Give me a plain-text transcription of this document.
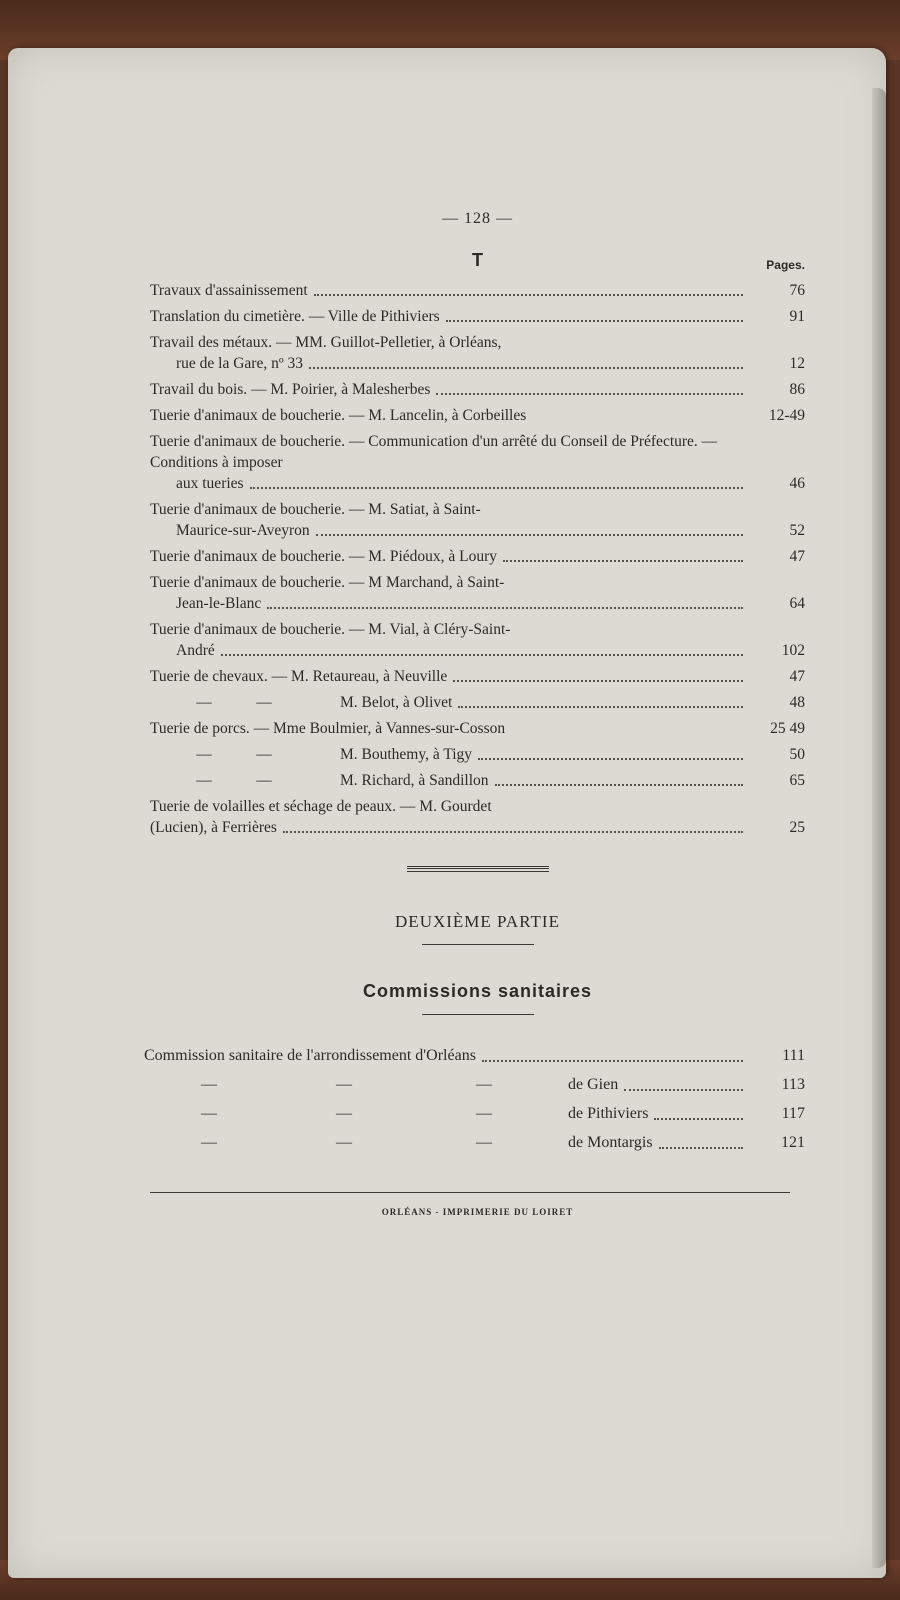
— 128 —
T	Pages.
Travaux d'assainissement	76
Translation du cimetière. — Ville de Pithiviers	91
Travail des métaux. — MM. Guillot-Pelletier, à Orléans,
rue de la Gare, nº 33	12
Travail du bois. — M. Poirier, à Malesherbes	86
Tuerie d'animaux de boucherie. — M. Lancelin, à Corbeilles	12-49
Tuerie d'animaux de boucherie. — Communication d'un arrêté du Conseil de Préfecture. — Conditions à imposer
aux tueries	46
Tuerie d'animaux de boucherie. — M. Satiat, à Saint-
Maurice-sur-Aveyron	52
Tuerie d'animaux de boucherie. — M. Piédoux, à Loury	47
Tuerie d'animaux de boucherie. — M Marchand, à Saint-
Jean-le-Blanc	64
Tuerie d'animaux de boucherie. — M. Vial, à Cléry-Saint-
André	102
Tuerie de chevaux. — M. Retaureau, à Neuville	47
—	—	M. Belot, à Olivet	48
Tuerie de porcs. — Mme Boulmier, à Vannes-sur-Cosson	25 49
—	—	M. Bouthemy, à Tigy	50
—	—	M. Richard, à Sandillon	65
Tuerie de volailles et séchage de peaux. — M. Gourdet
(Lucien), à Ferrières	25
DEUXIÈME PARTIE
Commissions sanitaires
Commission sanitaire de l'arrondissement d'Orléans	111
—	—	—	de Gien	113
—	—	—	de Pithiviers	117
—	—	—	de Montargis	121
ORLÉANS - IMPRIMERIE DU LOIRET
